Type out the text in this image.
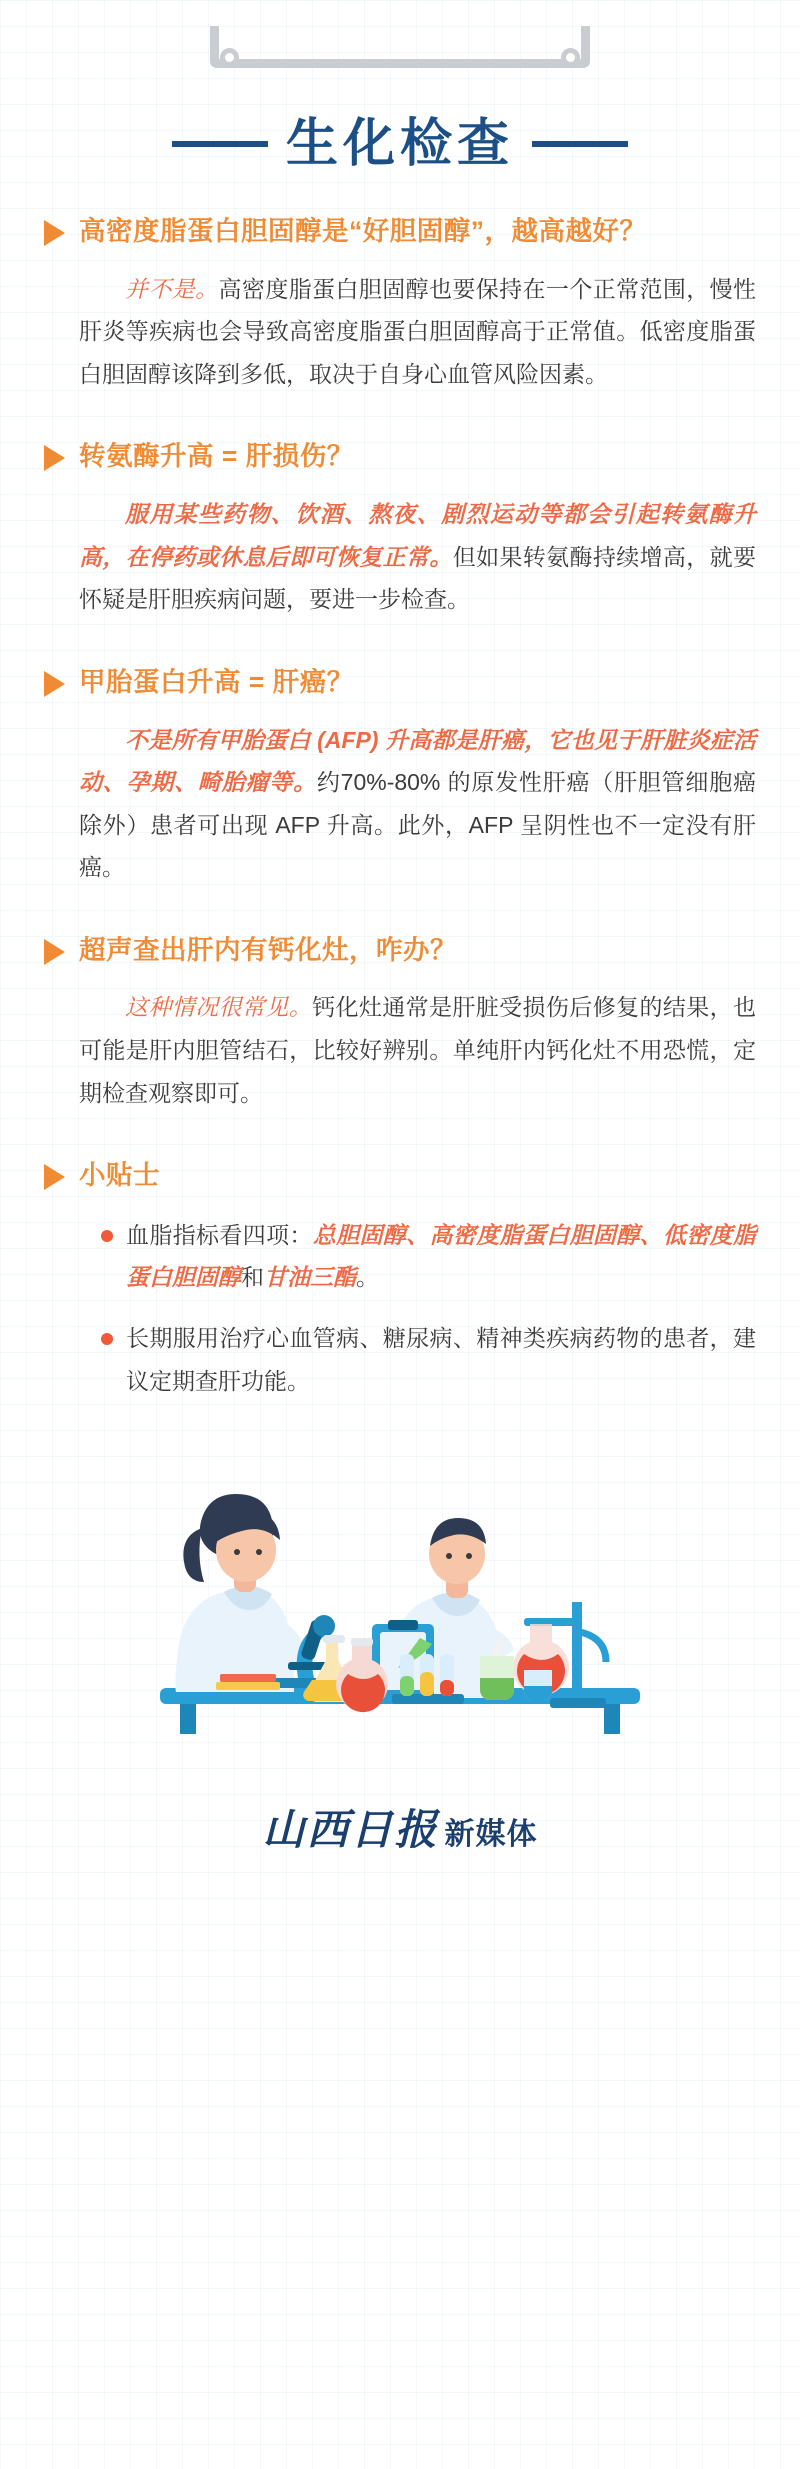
生化检查
高密度脂蛋白胆固醇是“好胆固醇”，越高越好？
并不是。高密度脂蛋白胆固醇也要保持在一个正常范围，慢性肝炎等疾病也会导致高密度脂蛋白胆固醇高于正常值。低密度脂蛋白胆固醇该降到多低，取决于自身心血管风险因素。
转氨酶升高 = 肝损伤？
服用某些药物、饮酒、熬夜、剧烈运动等都会引起转氨酶升高，在停药或休息后即可恢复正常。但如果转氨酶持续增高，就要怀疑是肝胆疾病问题，要进一步检查。
甲胎蛋白升高 = 肝癌？
不是所有甲胎蛋白 (AFP) 升高都是肝癌，它也见于肝脏炎症活动、孕期、畸胎瘤等。约70%-80% 的原发性肝癌（肝胆管细胞癌除外）患者可出现 AFP 升高。此外，AFP 呈阴性也不一定没有肝癌。
超声查出肝内有钙化灶，咋办？
这种情况很常见。钙化灶通常是肝脏受损伤后修复的结果，也可能是肝内胆管结石，比较好辨别。单纯肝内钙化灶不用恐慌，定期检查观察即可。
小贴士
血脂指标看四项：总胆固醇、高密度脂蛋白胆固醇、低密度脂蛋白胆固醇和甘油三酯。
长期服用治疗心血管病、糖尿病、精神类疾病药物的患者，建议定期查肝功能。
山西日报 新媒体
